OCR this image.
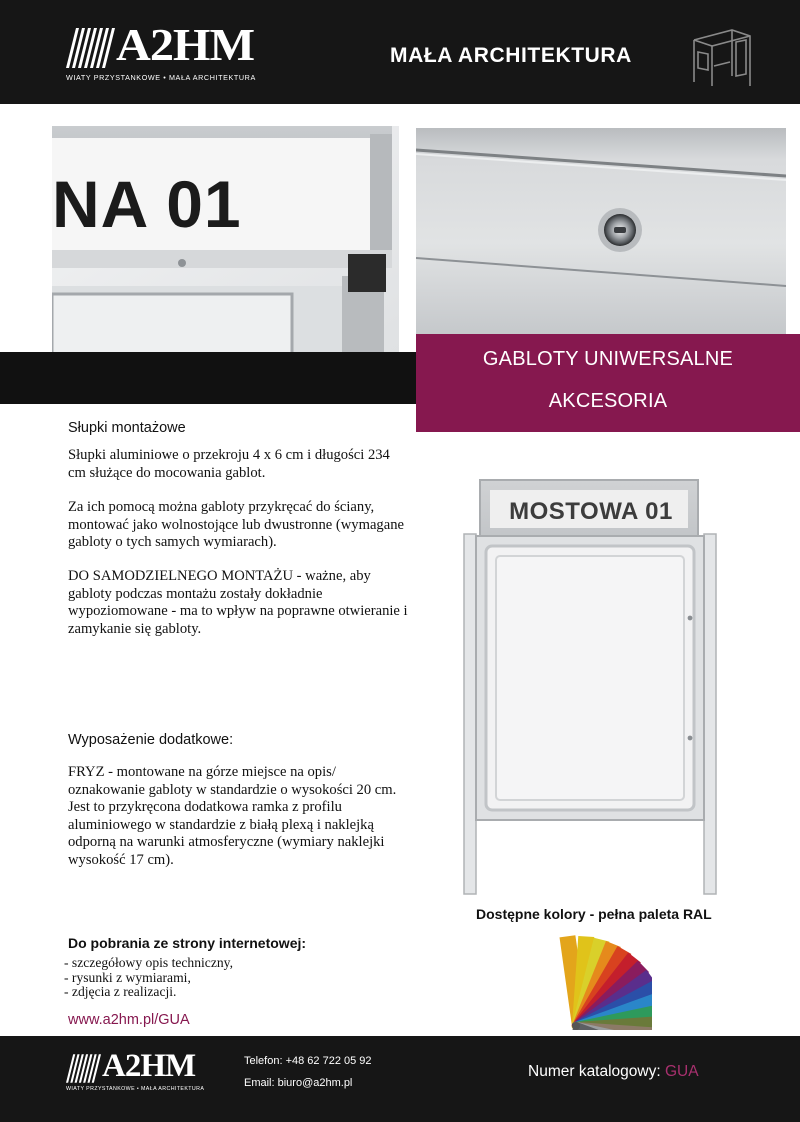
A2HM
WIATY PRZYSTANKOWE • MAŁA ARCHITEKTURA
MAŁA ARCHITEKTURA
NA 01
GABLOTY UNIWERSALNE
AKCESORIA
Słupki montażowe
Słupki aluminiowe o przekroju 4 x 6 cm i długości 234 cm służące do mocowania gablot.
Za ich pomocą można gabloty przykręcać do ściany, montować jako wolnostojące lub dwustronne (wymagane gabloty o tych samych wymiarach).
DO SAMODZIELNEGO MONTAŻU - ważne, aby gabloty podczas montażu zostały dokładnie wypoziomowane - ma to wpływ na poprawne otwieranie i zamykanie się gabloty.
Wyposażenie dodatkowe:
FRYZ - montowane na górze miejsce na opis/ oznakowanie gabloty w standardzie o wysokości 20 cm. Jest to przykręcona dodatkowa ramka z profilu aluminiowego w standardzie z białą plexą i naklejką odporną na warunki atmosferyczne (wymiary naklejki wysokość 17 cm).
Do pobrania ze strony internetowej:
- szczegółowy opis techniczny,
- rysunki z wymiarami,
- zdjęcia z realizacji.
www.a2hm.pl/GUA
MOSTOWA 01
Dostępne kolory - pełna paleta RAL
A2HM
WIATY PRZYSTANKOWE • MAŁA ARCHITEKTURA
Telefon: +48 62 722 05 92
Email: biuro@a2hm.pl
Numer katalogowy: GUA
